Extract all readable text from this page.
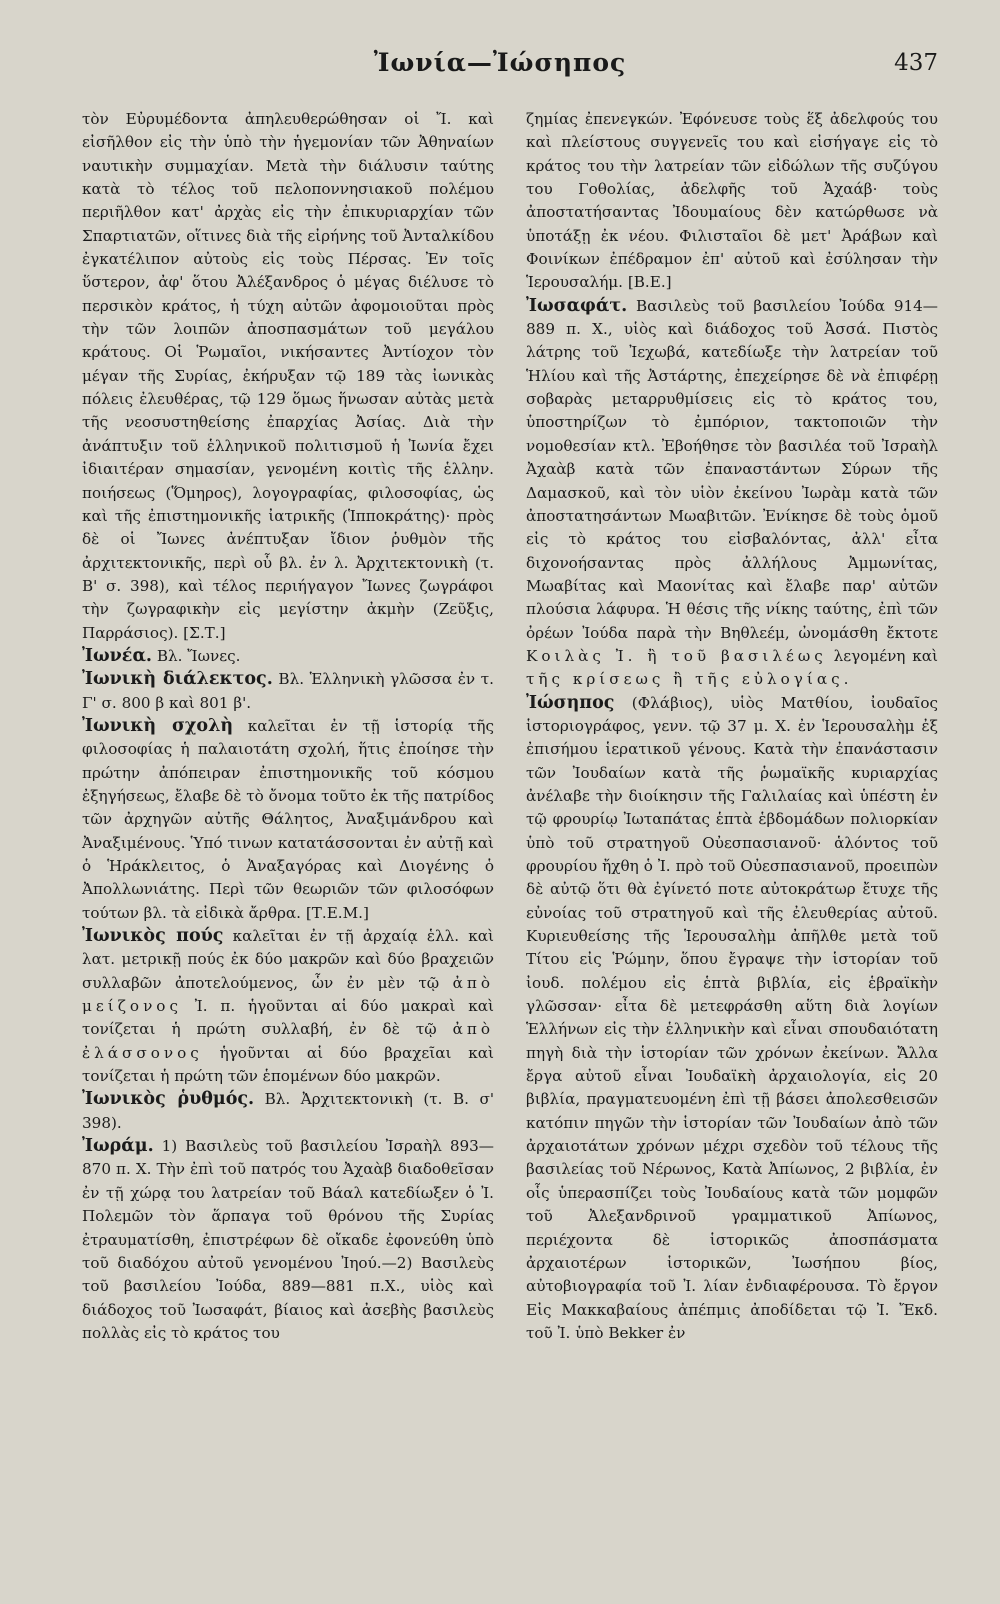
Ἰωνία—Ἰώσηπος	437

τὸν Εὐρυμέδοντα ἀπηλευθερώθησαν οἱ Ἴ. καὶ εἰσῆλθον εἰς τὴν ὑπὸ τὴν ἡγεμονίαν τῶν Ἀθηναίων ναυτικὴν συμμαχίαν. Μετὰ τὴν διάλυσιν ταύτης κατὰ τὸ τέλος τοῦ πελοποννησιακοῦ πολέμου περιῆλθον κατ' ἀρχὰς εἰς τὴν ἐπικυριαρχίαν τῶν Σπαρτιατῶν, οἵτινες διὰ τῆς εἰρήνης τοῦ Ἀνταλκίδου ἐγκατέλιπον αὐτοὺς εἰς τοὺς Πέρσας. Ἐν τοῖς ὕστερον, ἀφ' ὅτου Ἀλέξανδρος ὁ μέγας διέλυσε τὸ περσικὸν κράτος, ἡ τύχη αὐτῶν ἀφομοιοῦται πρὸς τὴν τῶν λοιπῶν ἀποσπασμάτων τοῦ μεγάλου κράτους. Οἱ Ῥωμαῖοι, νικήσαντες Ἀντίοχον τὸν μέγαν τῆς Συρίας, ἐκήρυξαν τῷ 189 τὰς ἰωνικὰς πόλεις ἐλευθέρας, τῷ 129 ὅμως ἥνωσαν αὐτὰς μετὰ τῆς νεοσυστηθείσης ἐπαρχίας Ἀσίας. Διὰ τὴν ἀνάπτυξιν τοῦ ἑλληνικοῦ πολιτισμοῦ ἡ Ἰωνία ἔχει ἰδιαιτέραν σημασίαν, γενομένη κοιτὶς τῆς ἑλλην. ποιήσεως (Ὅμηρος), λογογραφίας, φιλοσοφίας, ὡς καὶ τῆς ἐπιστημονικῆς ἰατρικῆς (Ἱπποκράτης)· πρὸς δὲ οἱ Ἴωνες ἀνέπτυξαν ἴδιον ῥυθμὸν τῆς ἀρχιτεκτονικῆς, περὶ οὗ βλ. ἐν λ. Ἀρχιτεκτονικὴ (τ. Β' σ. 398), καὶ τέλος περιήγαγον Ἴωνες ζωγράφοι τὴν ζωγραφικὴν εἰς μεγίστην ἀκμὴν (Ζεῦξις, Παρράσιος). [Σ.Τ.]

Ἰωνέα. Βλ. Ἴωνες.

Ἰωνικὴ διάλεκτος. Βλ. Ἑλληνικὴ γλῶσσα ἐν τ. Γ' σ. 800 β καὶ 801 β'.

Ἰωνικὴ σχολὴ καλεῖται ἐν τῇ ἱστορίᾳ τῆς φιλοσοφίας ἡ παλαιοτάτη σχολή, ἥτις ἐποίησε τὴν πρώτην ἀπόπειραν ἐπιστημονικῆς τοῦ κόσμου ἐξηγήσεως, ἔλαβε δὲ τὸ ὄνομα τοῦτο ἐκ τῆς πατρίδος τῶν ἀρχηγῶν αὐτῆς Θάλητος, Ἀναξιμάνδρου καὶ Ἀναξιμένους. Ὑπό τινων κατατάσσονται ἐν αὐτῇ καὶ ὁ Ἡράκλειτος, ὁ Ἀναξαγόρας καὶ Διογένης ὁ Ἀπολλωνιάτης. Περὶ τῶν θεωριῶν τῶν φιλοσόφων τούτων βλ. τὰ εἰδικὰ ἄρθρα. [Τ.Ε.Μ.]

Ἰωνικὸς πούς καλεῖται ἐν τῇ ἀρχαίᾳ ἑλλ. καὶ λατ. μετρικῇ πούς ἐκ δύο μακρῶν καὶ δύο βραχειῶν συλλαβῶν ἀποτελούμενος, ὧν ἐν μὲν τῷ ἀπὸ μείζονος Ἰ. π. ἡγοῦνται αἱ δύο μακραὶ καὶ τονίζεται ἡ πρώτη συλλαβή, ἐν δὲ τῷ ἀπὸ ἐλάσσονος ἡγοῦνται αἱ δύο βραχεῖαι καὶ τονίζεται ἡ πρώτη τῶν ἑπομένων δύο μακρῶν.

Ἰωνικὸς ῥυθμός. Βλ. Ἀρχιτεκτονικὴ (τ. Β. σ' 398).

Ἰωράμ. 1) Βασιλεὺς τοῦ βασιλείου Ἰσραὴλ 893—870 π. Χ. Τὴν ἐπὶ τοῦ πατρός του Ἀχαὰβ διαδοθεῖσαν ἐν τῇ χώρᾳ του λατρείαν τοῦ Βάαλ κατεδίωξεν ὁ Ἰ. Πολεμῶν τὸν ἅρπαγα τοῦ θρόνου τῆς Συρίας ἐτραυματίσθη, ἐπιστρέφων δὲ οἴκαδε ἐφονεύθη ὑπὸ τοῦ διαδόχου αὐτοῦ γενομένου Ἰηού.—2) Βασιλεὺς τοῦ βασιλείου Ἰούδα, 889—881 π.Χ., υἱὸς καὶ διάδοχος τοῦ Ἰωσαφάτ, βίαιος καὶ ἀσεβὴς βασιλεὺς πολλὰς εἰς τὸ κράτος του

ζημίας ἐπενεγκών. Ἐφόνευσε τοὺς ἕξ ἀδελφούς του καὶ πλείστους συγγενεῖς του καὶ εἰσήγαγε εἰς τὸ κράτος του τὴν λατρείαν τῶν εἰδώλων τῆς συζύγου του Γοθολίας, ἀδελφῆς τοῦ Ἀχαάβ· τοὺς ἀποστατήσαντας Ἰδουμαίους δὲν κατώρθωσε νὰ ὑποτάξῃ ἐκ νέου. Φιλισταῖοι δὲ μετ' Ἀράβων καὶ Φοινίκων ἐπέδραμον ἐπ' αὐτοῦ καὶ ἐσύλησαν τὴν Ἱερουσαλήμ. [Β.Ε.]

Ἰωσαφάτ. Βασιλεὺς τοῦ βασιλείου Ἰούδα 914—889 π. Χ., υἱὸς καὶ διάδοχος τοῦ Ἀσσά. Πιστὸς λάτρης τοῦ Ἰεχωβά, κατεδίωξε τὴν λατρείαν τοῦ Ἡλίου καὶ τῆς Ἀστάρτης, ἐπεχείρησε δὲ νὰ ἐπιφέρῃ σοβαρὰς μεταρρυθμίσεις εἰς τὸ κράτος του, ὑποστηρίζων τὸ ἐμπόριον, τακτοποιῶν τὴν νομοθεσίαν κτλ. Ἐβοήθησε τὸν βασιλέα τοῦ Ἰσραὴλ Ἀχαὰβ κατὰ τῶν ἐπαναστάντων Σύρων τῆς Δαμασκοῦ, καὶ τὸν υἱὸν ἐκείνου Ἰωρὰμ κατὰ τῶν ἀποστατησάντων Μωαβιτῶν. Ἐνίκησε δὲ τοὺς ὁμοῦ εἰς τὸ κράτος του εἰσβαλόντας, ἀλλ' εἶτα διχονοήσαντας πρὸς ἀλλήλους Ἀμμωνίτας, Μωαβίτας καὶ Μαονίτας καὶ ἔλαβε παρ' αὐτῶν πλούσια λάφυρα. Ἡ θέσις τῆς νίκης ταύτης, ἐπὶ τῶν ὀρέων Ἰούδα παρὰ τὴν Βηθλεέμ, ὠνομάσθη ἔκτοτε Κοιλὰς Ἰ. ἢ τοῦ βασιλέως λεγομένη καὶ τῆς κρίσεως ἢ τῆς εὐλογίας.

Ἰώσηπος (Φλάβιος), υἱὸς Ματθίου, ἰουδαῖος ἱστοριογράφος, γενν. τῷ 37 μ. Χ. ἐν Ἱερουσαλὴμ ἐξ ἐπισήμου ἱερατικοῦ γένους. Κατὰ τὴν ἐπανάστασιν τῶν Ἰουδαίων κατὰ τῆς ῥωμαϊκῆς κυριαρχίας ἀνέλαβε τὴν διοίκησιν τῆς Γαλιλαίας καὶ ὑπέστη ἐν τῷ φρουρίῳ Ἰωταπάτας ἑπτὰ ἑβδομάδων πολιορκίαν ὑπὸ τοῦ στρατηγοῦ Οὐεσπασιανοῦ· ἁλόντος τοῦ φρουρίου ἤχθη ὁ Ἰ. πρὸ τοῦ Οὐεσπασιανοῦ, προειπὼν δὲ αὐτῷ ὅτι θὰ ἐγίνετό ποτε αὐτοκράτωρ ἔτυχε τῆς εὐνοίας τοῦ στρατηγοῦ καὶ τῆς ἐλευθερίας αὐτοῦ. Κυριευθείσης τῆς Ἱερουσαλὴμ ἀπῆλθε μετὰ τοῦ Τίτου εἰς Ῥώμην, ὅπου ἔγραψε τὴν ἱστορίαν τοῦ ἰουδ. πολέμου εἰς ἑπτὰ βιβλία, εἰς ἑβραϊκὴν γλῶσσαν· εἶτα δὲ μετεφράσθη αὕτη διὰ λογίων Ἑλλήνων εἰς τὴν ἑλληνικὴν καὶ εἶναι σπουδαιότατη πηγὴ διὰ τὴν ἱστορίαν τῶν χρόνων ἐκείνων. Ἄλλα ἔργα αὐτοῦ εἶναι Ἰουδαϊκὴ ἀρχαιολογία, εἰς 20 βιβλία, πραγματευομένη ἐπὶ τῇ βάσει ἀπολεσθεισῶν κατόπιν πηγῶν τὴν ἱστορίαν τῶν Ἰουδαίων ἀπὸ τῶν ἀρχαιοτάτων χρόνων μέχρι σχεδὸν τοῦ τέλους τῆς βασιλείας τοῦ Νέρωνος, Κατὰ Ἀπίωνος, 2 βιβλία, ἐν οἷς ὑπερασπίζει τοὺς Ἰουδαίους κατὰ τῶν μομφῶν τοῦ Ἀλεξανδρινοῦ γραμματικοῦ Ἀπίωνος, περιέχοντα δὲ ἱστορικῶς ἀποσπάσματα ἀρχαιοτέρων ἱστορικῶν, Ἰωσήπου βίος, αὐτοβιογραφία τοῦ Ἰ. λίαν ἐνδιαφέρουσα. Τὸ ἔργον Εἰς Μακκαβαίους ἀπέπμις ἀποδίδεται τῷ Ἰ. Ἔκδ. τοῦ Ἰ. ὑπὸ Bekker ἐν
